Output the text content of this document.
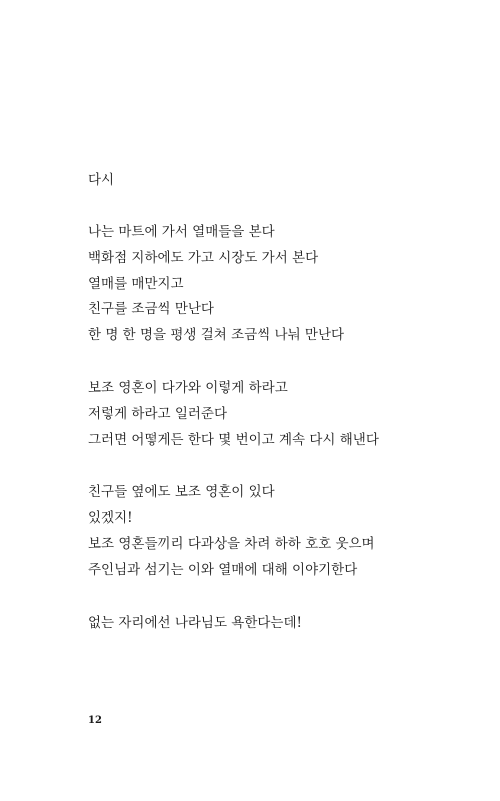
다시
나는 마트에 가서 열매들을 본다
백화점 지하에도 가고 시장도 가서 본다
열매를 매만지고
친구를 조금씩 만난다
한 명 한 명을 평생 걸쳐 조금씩 나눠 만난다
보조 영혼이 다가와 이렇게 하라고
저렇게 하라고 일러준다
그러면 어떻게든 한다 몇 번이고 계속 다시 해낸다
친구들 옆에도 보조 영혼이 있다
있겠지!
보조 영혼들끼리 다과상을 차려 하하 호호 웃으며
주인님과 섬기는 이와 열매에 대해 이야기한다
없는 자리에선 나라님도 욕한다는데!
12
